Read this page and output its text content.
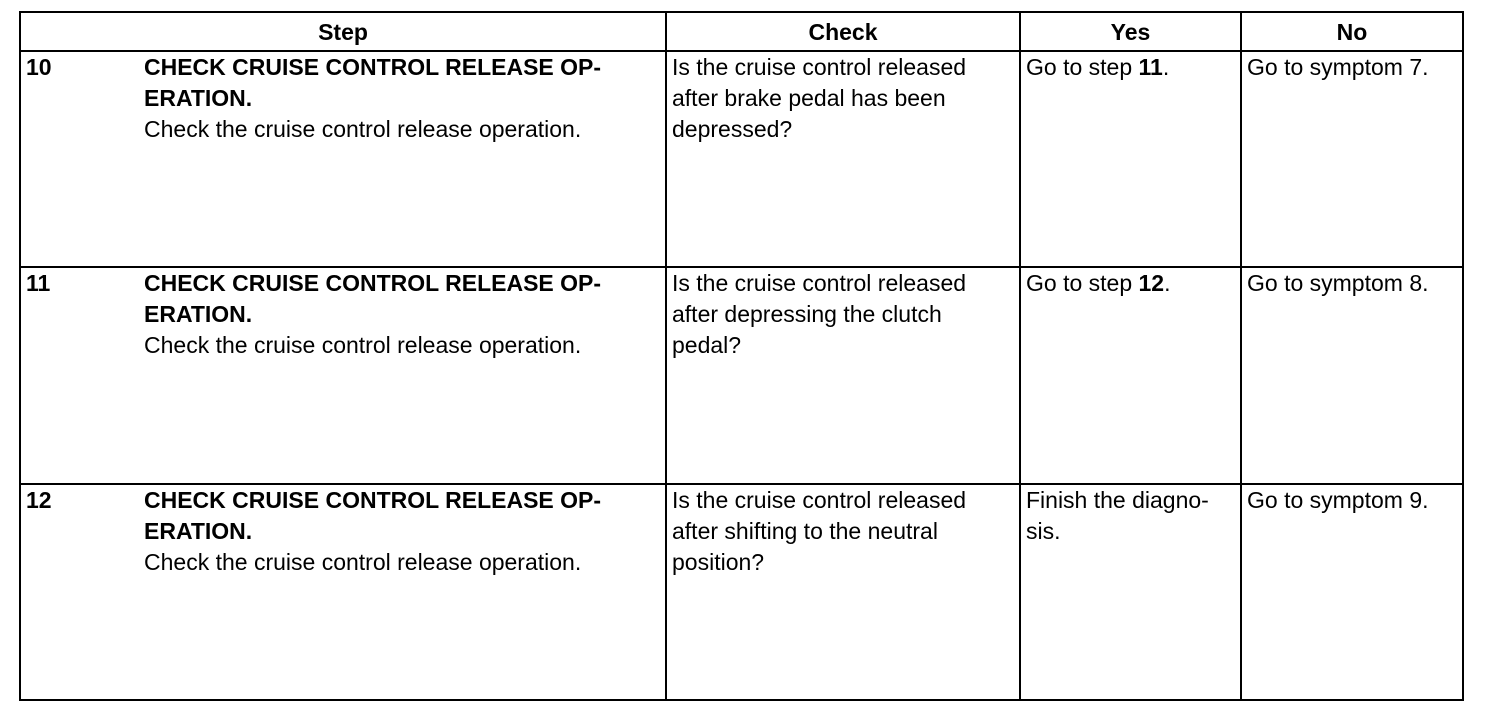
Step	Check	Yes	No

10 CHECK CRUISE CONTROL RELEASE OP-
ERATION.
Check the cruise control release operation.	Is the cruise control released after brake pedal has been depressed?	Go to step 11.	Go to symptom 7.

11 CHECK CRUISE CONTROL RELEASE OP-
ERATION.
Check the cruise control release operation.	Is the cruise control released after depressing the clutch pedal?	Go to step 12.	Go to symptom 8.

12 CHECK CRUISE CONTROL RELEASE OP-
ERATION.
Check the cruise control release operation.	Is the cruise control released after shifting to the neutral position?	Finish the diagno-
sis.	Go to symptom 9.
